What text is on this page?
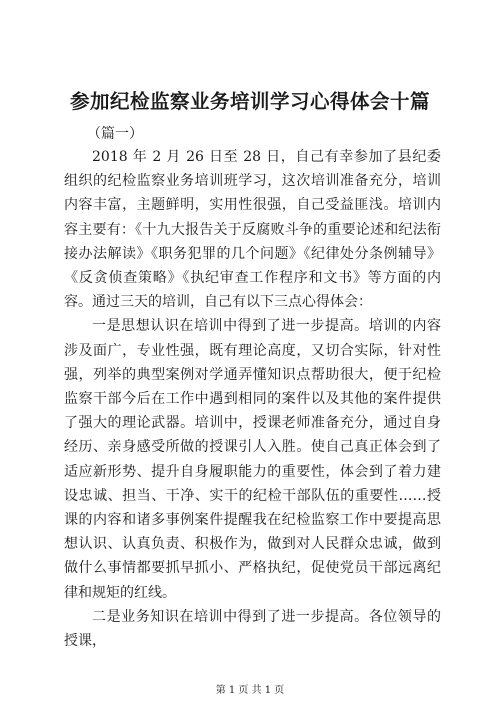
参加纪检监察业务培训学习心得体会十篇
（篇一）

2018 年 2 月 26 日至 28 日，自己有幸参加了县纪委组织的纪检监察业务培训班学习，这次培训准备充分，培训内容丰富，主题鲜明，实用性很强，自己受益匪浅。培训内容主要有：《十九大报告关于反腐败斗争的重要论述和纪法衔接办法解读》《职务犯罪的几个问题》《纪律处分条例辅导》《反贪侦查策略》《执纪审查工作程序和文书》等方面的内容。通过三天的培训，自己有以下三点心得体会：

一是思想认识在培训中得到了进一步提高。培训的内容涉及面广，专业性强，既有理论高度，又切合实际，针对性强，列举的典型案例对学通弄懂知识点帮助很大，便于纪检监察干部今后在工作中遇到相同的案件以及其他的案件提供了强大的理论武器。培训中，授课老师准备充分，通过自身经历、亲身感受所做的授课引人入胜。使自己真正体会到了适应新形势、提升自身履职能力的重要性，体会到了着力建设忠诚、担当、干净、实干的纪检干部队伍的重要性……授课的内容和诸多事例案件提醒我在纪检监察工作中要提高思想认识、认真负责、积极作为，做到对人民群众忠诚，做到做什么事情都要抓早抓小、严格执纪，促使党员干部远离纪律和规矩的红线。

二是业务知识在培训中得到了进一步提高。各位领导的授课，

第 1 页 共 1 页
